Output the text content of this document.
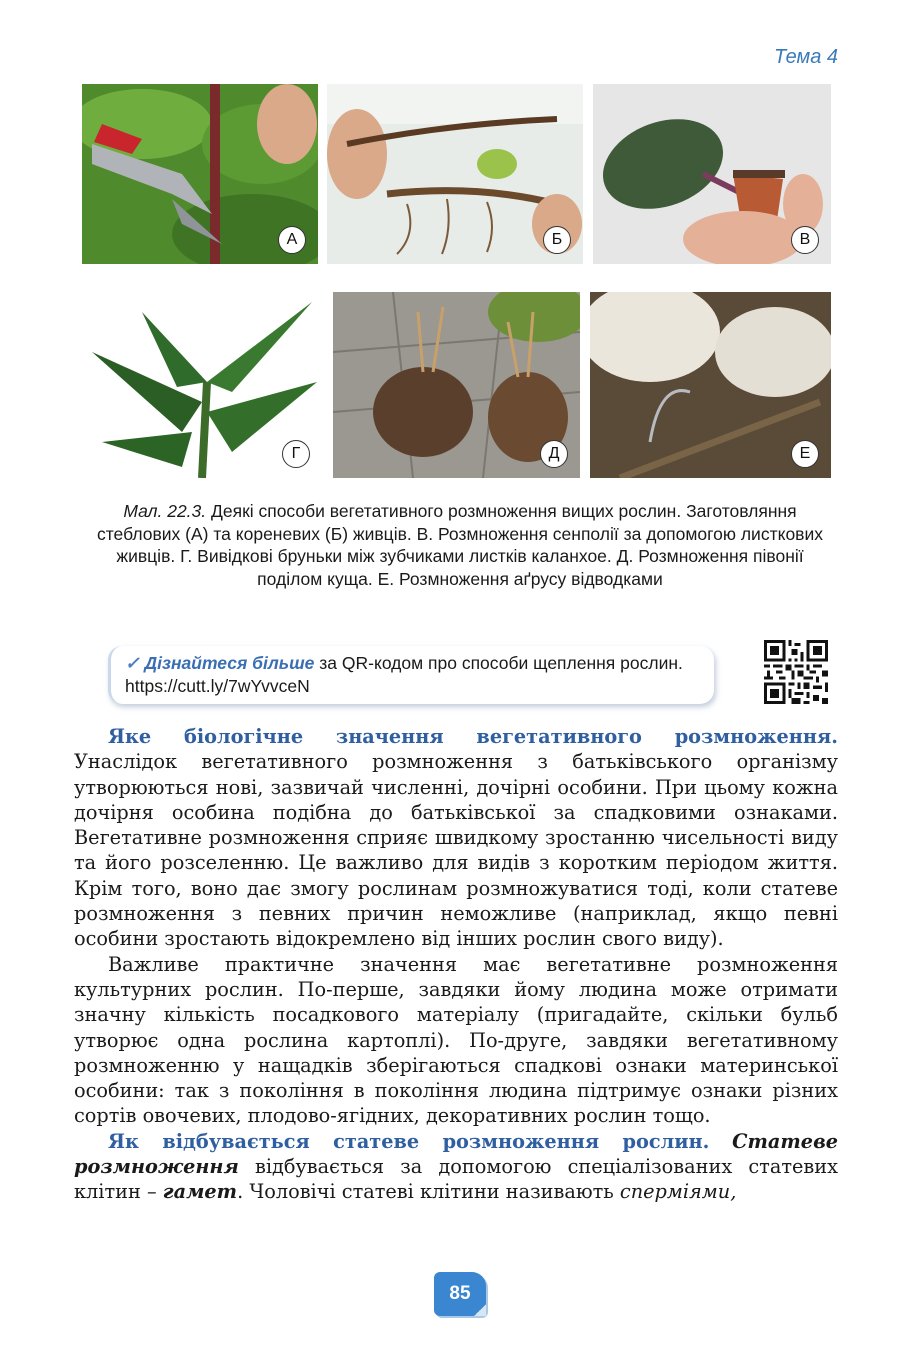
Тема 4
А	Б	В
Г	Д	Е
Мал. 22.3. Деякі способи вегетативного розмноження вищих рослин. Заготовляння стеблових (А) та кореневих (Б) живців. В. Розмноження сенполії за допомогою листкових живців. Г. Вивідкові бруньки між зубчиками листків каланхое. Д. Розмноження півонії поділом куща. Е. Розмноження аґрусу відводками
✓ Дізнайтеся більше за QR-кодом про способи щеплення рослин. https://cutt.ly/7wYvvceN

Яке біологічне значення вегетативного розмноження. Унаслідок вегетативного розмноження з батьківського організму утворюються нові, зазвичай численні, дочірні особини. При цьому кожна дочірня особина подібна до батьківської за спадковими ознаками. Вегетативне розмноження сприяє швидкому зростанню чисельності виду та його розселенню. Це важливо для видів з коротким періодом життя. Крім того, воно дає змогу рослинам розмножуватися тоді, коли статеве розмноження з певних причин неможливе (наприклад, якщо певні особини зростають відокремлено від інших рослин свого виду).

Важливе практичне значення має вегетативне розмноження культурних рослин. По-перше, завдяки йому людина може отримати значну кількість посадкового матеріалу (пригадайте, скільки бульб утворює одна рослина картоплі). По-друге, завдяки вегетативному розмноженню у нащадків зберігаються спадкові ознаки материнської особини: так з покоління в покоління людина підтримує ознаки різних сортів овочевих, плодово-ягідних, декоративних рослин тощо.

Як відбувається статеве розмноження рослин. Статеве розмноження відбувається за допомогою спеціалізованих статевих клітин – гамет. Чоловічі статеві клітини називають сперміями,

85
